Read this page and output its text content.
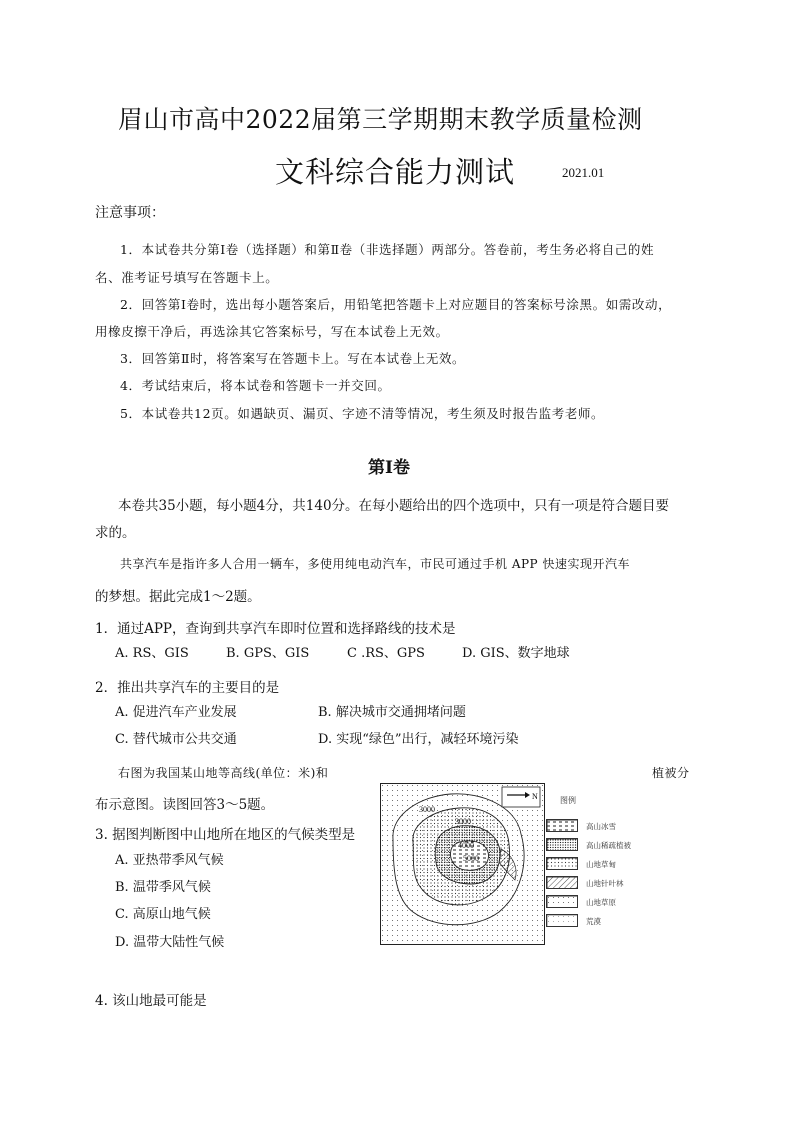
眉山市高中2022届第三学期期末教学质量检测
文科综合能力测试	2021.01
注意事项：
1．本试卷共分第Ⅰ卷（选择题）和第Ⅱ卷（非选择题）两部分。答卷前，考生务必将自己的姓
名、准考证号填写在答题卡上。
2．回答第Ⅰ卷时，选出每小题答案后，用铅笔把答题卡上对应题目的答案标号涂黑。如需改动，
用橡皮擦干净后，再选涂其它答案标号，写在本试卷上无效。
3．回答第Ⅱ时，将答案写在答题卡上。写在本试卷上无效。
4．考试结束后，将本试卷和答题卡一并交回。
5．本试卷共12页。如遇缺页、漏页、字迹不清等情况，考生须及时报告监考老师。
第Ⅰ卷
本卷共35小题，每小题4分，共140分。在每小题给出的四个选项中，只有一项是符合题目要
求的。
共享汽车是指许多人合用一辆车，多使用纯电动汽车，市民可通过手机 APP 快速实现开汽车
的梦想。据此完成1～2题。
1．通过APP，查询到共享汽车即时位置和选择路线的技术是
A. RS、GIS	B. GPS、GIS	C .RS、GPS	D. GIS、数字地球
2．推出共享汽车的主要目的是
A. 促进汽车产业发展	B. 解决城市交通拥堵问题
C. 替代城市公共交通	D. 实现“绿色”出行，减轻环境污染
右图为我国某山地等高线(单位：米)和	植被分
布示意图。读图回答3～5题。
3. 据图判断图中山地所在地区的气候类型是
A. 亚热带季风气候
B. 温带季风气候
C. 高原山地气候
D. 温带大陆性气候
4. 该山地最可能是
N
3000
3000
4000
5000
图例
高山冰雪
高山稀疏植被
山地草甸
山地针叶林
山地草原
荒漠
